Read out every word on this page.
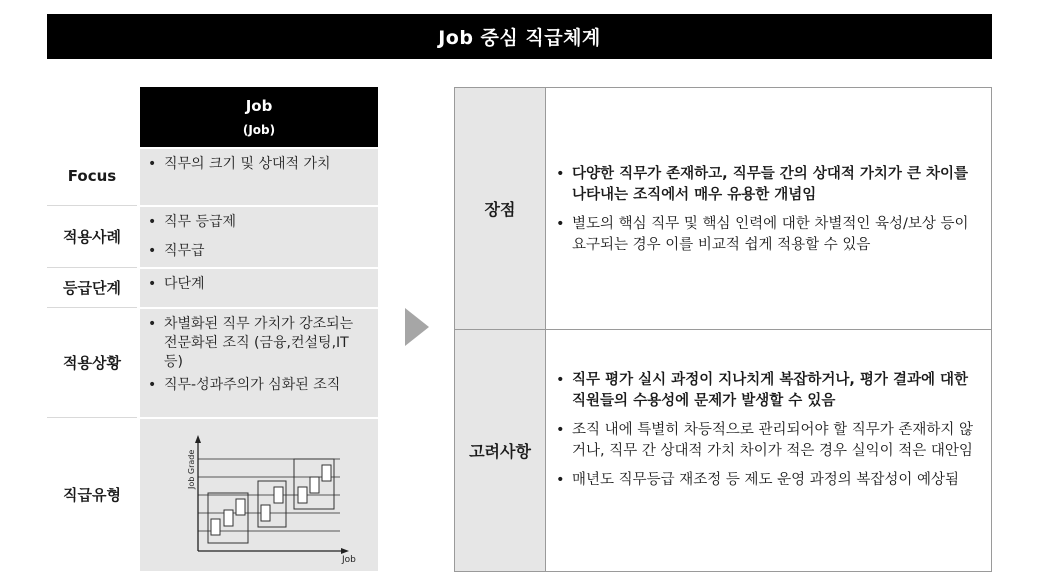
Job 중심 직급체계
Job
(Job)
Focus
• 직무의 크기 및 상대적 가치
적용사례
• 직무 등급제
• 직무급
등급단계	• 다단계
적용상황
• 차별화된 직무 가치가 강조되는 전문화된 조직 (금융,컨설팅,IT 등)
• 직무-성과주의가 심화된 조직
직급유형
Job Grade
Job
장점
• 다양한 직무가 존재하고, 직무들 간의 상대적 가치가 큰 차이를 나타내는 조직에서 매우 유용한 개념임
• 별도의 핵심 직무 및 핵심 인력에 대한 차별적인 육성/보상 등이 요구되는 경우 이를 비교적 쉽게 적용할 수 있음
고려사항
• 직무 평가 실시 과정이 지나치게 복잡하거나, 평가 결과에 대한 직원들의 수용성에 문제가 발생할 수 있음
• 조직 내에 특별히 차등적으로 관리되어야 할 직무가 존재하지 않거나, 직무 간 상대적 가치 차이가 적은 경우 실익이 적은 대안임
• 매년도 직무등급 재조정 등 제도 운영 과정의 복잡성이 예상됨
